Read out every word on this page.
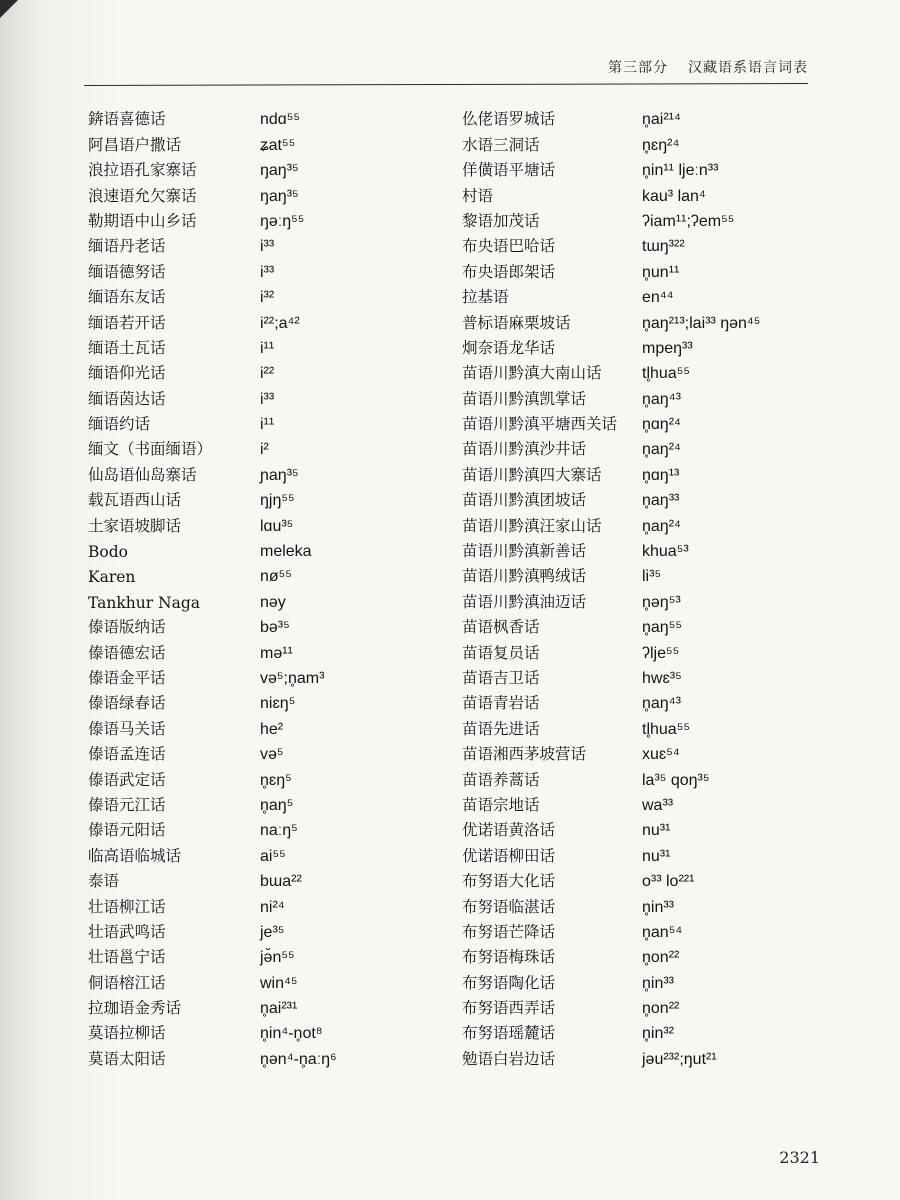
第三部分 汉藏语系语言词表
錛语喜德话	ndɑ⁵⁵
阿昌语户撒话	ʑat⁵⁵
浪拉语孔家寨话	ŋaŋ³⁵
浪速语允欠寨话	ŋaŋ³⁵
勒期语中山乡话	ŋəːŋ⁵⁵
缅语丹老话	i³³
缅语德努话	i³³
缅语东友话	i³²
缅语若开话	i²²;a⁴²
缅语土瓦话	i¹¹
缅语仰光话	i²²
缅语茵达话	i³³
缅语约话	i¹¹
缅文（书面缅语）	i²
仙岛语仙岛寨话	ɲaŋ³⁵
载瓦语西山话	ŋjŋ⁵⁵
土家语坡脚话	lɑu³⁵
Bodo	meleka
Karen	nø⁵⁵
Tankhur Naga	nəy
傣语版纳话	bə³⁵
傣语德宏话	mə¹¹
傣语金平话	və⁵;n̥am³
傣语绿春话	niɛŋ⁵
傣语马关话	he²
傣语孟连话	və⁵
傣语武定话	n̥ɛŋ⁵
傣语元江话	n̥aŋ⁵
傣语元阳话	naːŋ⁵
临高语临城话	ai⁵⁵
泰语	bɯa²²
壮语柳江话	ni²⁴
壮语武鸣话	je³⁵
壮语邕宁话	jə̆n⁵⁵
侗语榕江话	win⁴⁵
拉珈语金秀话	n̥ai²³¹
莫语拉柳话	n̥in⁴-n̥ot⁸
莫语太阳话	n̥ən⁴-n̥aːŋ⁶
仫佬语罗城话	n̥ai²¹⁴
水语三洞话	n̥ɛŋ²⁴
佯僙语平塘话	n̥in¹¹ ljeːn³³
村语	kau³ lan⁴
黎语加茂话	ʔiam¹¹;ʔem⁵⁵
布央语巴哈话	tɯŋ³²²
布央语郎架话	n̥un¹¹
拉基语	en⁴⁴
普标语麻栗坡话	n̥aŋ²¹³;lai³³ ŋən⁴⁵
炯奈语龙华话	mpeŋ³³
苗语川黔滇大南山话	tl̥hua⁵⁵
苗语川黔滇凯掌话	n̥aŋ⁴³
苗语川黔滇平塘西关话	n̥ɑŋ²⁴
苗语川黔滇沙井话	n̥aŋ²⁴
苗语川黔滇四大寨话	n̥ɑŋ¹³
苗语川黔滇团坡话	n̥aŋ³³
苗语川黔滇汪家山话	n̥aŋ²⁴
苗语川黔滇新善话	khua⁵³
苗语川黔滇鸭绒话	li³⁵
苗语川黔滇油迈话	n̥əŋ⁵³
苗语枫香话	n̥aŋ⁵⁵
苗语复员话	ʔlje⁵⁵
苗语吉卫话	hwɛ³⁵
苗语青岩话	n̥aŋ⁴³
苗语先进话	tl̥hua⁵⁵
苗语湘西茅坡营话	xuɛ⁵⁴
苗语养蒿话	la³⁵ qoŋ³⁵
苗语宗地话	wa³³
优诺语黄洛话	nu³¹
优诺语柳田话	nu³¹
布努语大化话	o³³ lo²²¹
布努语临湛话	n̥in³³
布努语芒降话	n̥an⁵⁴
布努语梅珠话	n̥on²²
布努语陶化话	n̥in³³
布努语西弄话	n̥on²²
布努语瑶麓话	n̥in³²
勉语白岩边话	jəu²³²;ŋut²¹
2321
